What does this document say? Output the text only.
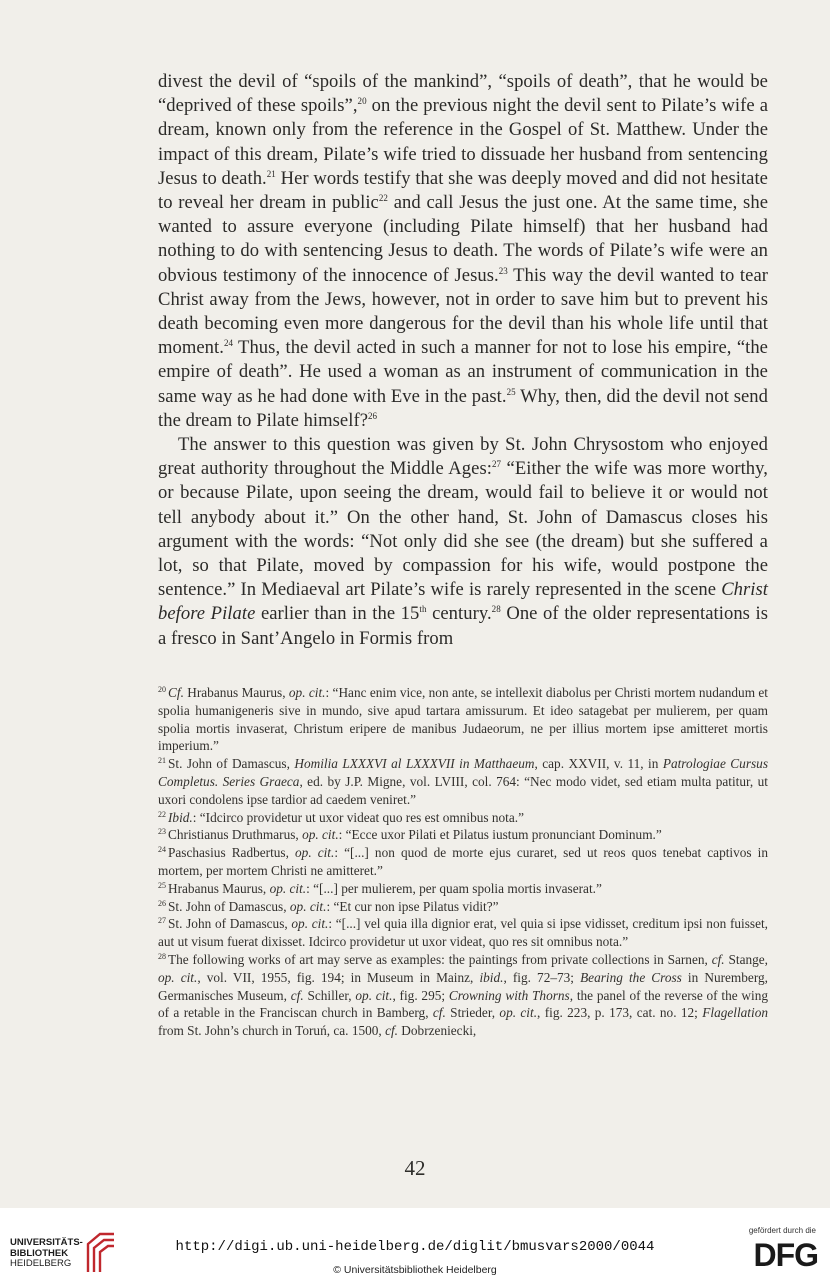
divest the devil of “spoils of the mankind”, “spoils of death”, that he would be “deprived of these spoils”,$^{20}$ on the previous night the devil sent to Pilate’s wife a dream, known only from the reference in the Gospel of St. Matthew. Under the impact of this dream, Pilate’s wife tried to dissuade her husband from sentencing Jesus to death.$^{21}$ Her words testify that she was deeply moved and did not hesitate to reveal her dream in public$^{22}$ and call Jesus the just one. At the same time, she wanted to assure everyone (including Pilate himself) that her husband had nothing to do with sentencing Jesus to death. The words of Pilate’s wife were an obvious testimony of the innocence of Jesus.$^{23}$ This way the devil wanted to tear Christ away from the Jews, however, not in order to save him but to prevent his death becoming even more dangerous for the devil than his whole life until that moment.$^{24}$ Thus, the devil acted in such a manner for not to lose his empire, “the empire of death”. He used a woman as an instrument of communication in the same way as he had done with Eve in the past.$^{25}$ Why, then, did the devil not send the dream to Pilate himself?$^{26}$

The answer to this question was given by St. John Chrysostom who enjoyed great authority throughout the Middle Ages:$^{27}$ “Either the wife was more worthy, or because Pilate, upon seeing the dream, would fail to believe it or would not tell anybody about it.” On the other hand, St. John of Damascus closes his argument with the words: “Not only did she see (the dream) but she suffered a lot, so that Pilate, moved by compassion for his wife, would postpone the sentence.” In Mediaeval art Pilate’s wife is rarely represented in the scene Christ before Pilate earlier than in the 15th century.$^{28}$ One of the older representations is a fresco in Sant’Angelo in Formis from

$^{20}$ Cf. Hrabanus Maurus, op. cit.: “Hanc enim vice, non ante, se intellexit diabolus per Christi mortem nudandum et spolia humanigeneris sive in mundo, sive apud tartara amissurum. Et ideo satagebat per mulierem, per quam spolia mortis invaserat, Christum eripere de manibus Judaeorum, ne per illius mortem ipse amitteret mortis imperium.”

$^{21}$ St. John of Damascus, Homilia LXXXVI al LXXXVII in Matthaeum, cap. XXVII, v. 11, in Patrologiae Cursus Completus. Series Graeca, ed. by J.P. Migne, vol. LVIII, col. 764: “Nec modo videt, sed etiam multa patitur, ut uxori condolens ipse tardior ad caedem veniret.”

$^{22}$ Ibid.: “Idcirco providetur ut uxor videat quo res est omnibus nota.”

$^{23}$ Christianus Druthmarus, op. cit.: “Ecce uxor Pilati et Pilatus iustum pronunciant Dominum.”

$^{24}$ Paschasius Radbertus, op. cit.: “[...] non quod de morte ejus curaret, sed ut reos quos tenebat captivos in mortem, per mortem Christi ne amitteret.”

$^{25}$ Hrabanus Maurus, op. cit.: “[...] per mulierem, per quam spolia mortis invaserat.”

$^{26}$ St. John of Damascus, op. cit.: “Et cur non ipse Pilatus vidit?”

$^{27}$ St. John of Damascus, op. cit.: “[...] vel quia illa dignior erat, vel quia si ipse vidisset, creditum ipsi non fuisset, aut ut visum fuerat dixisset. Idcirco providetur ut uxor videat, quo res sit omnibus nota.”

$^{28}$ The following works of art may serve as examples: the paintings from private collections in Sarnen, cf. Stange, op. cit., vol. VII, 1955, fig. 194; in Museum in Mainz, ibid., fig. 72–73; Bearing the Cross in Nuremberg, Germanisches Museum, cf. Schiller, op. cit., fig. 295; Crowning with Thorns, the panel of the reverse of the wing of a retable in the Franciscan church in Bamberg, cf. Strieder, op. cit., fig. 223, p. 173, cat. no. 12; Flagellation from St. John’s church in Toruń, ca. 1500, cf. Dobrzeniecki,

42
UNIVERSITÄTS-
BIBLIOTHEK
HEIDELBERG
http://digi.ub.uni-heidelberg.de/diglit/bmusvars2000/0044
© Universitätsbibliothek Heidelberg
gefördert durch die
DFG
